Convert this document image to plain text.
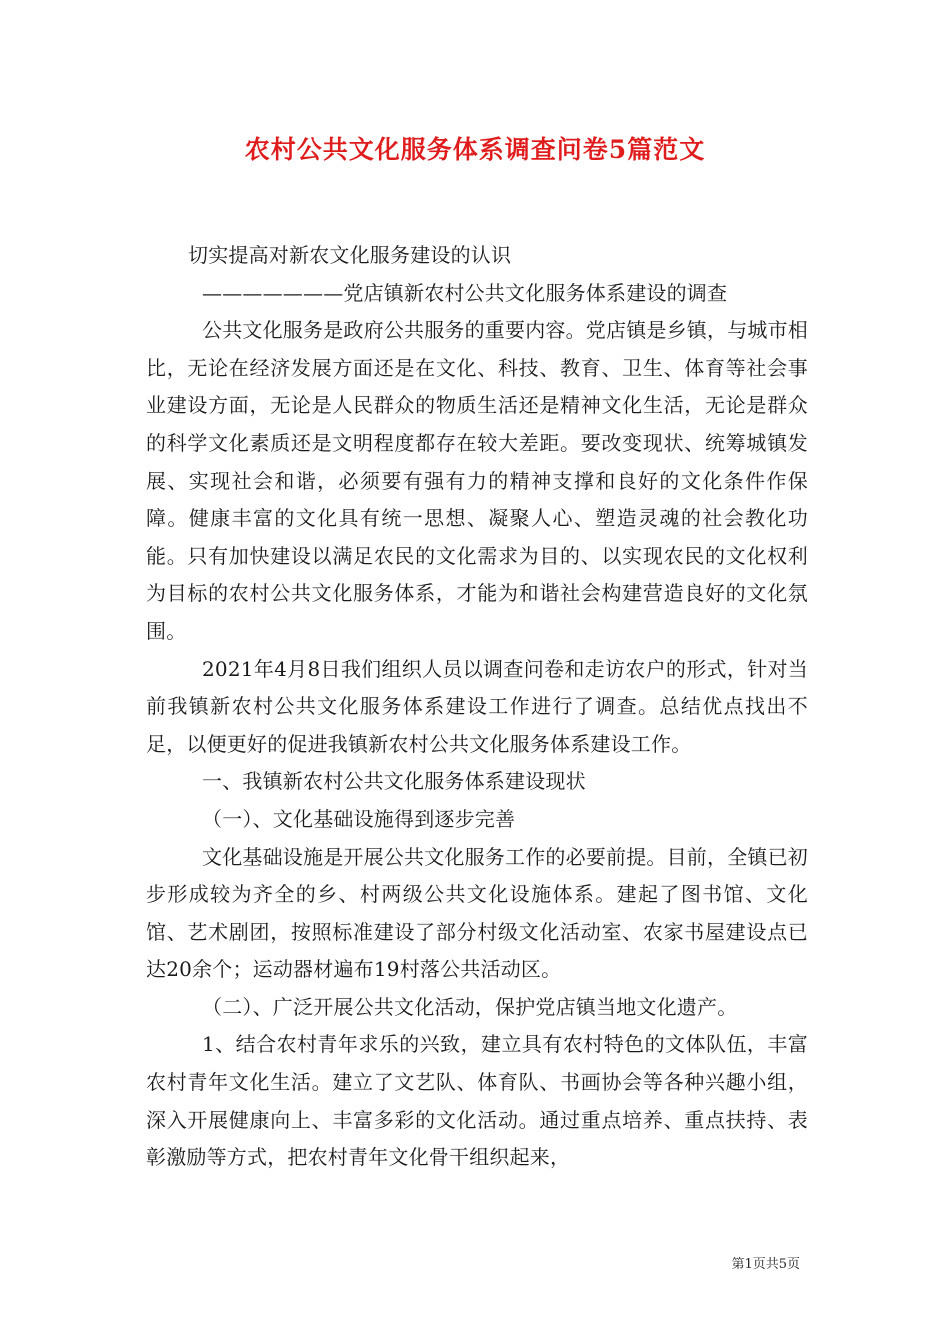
农村公共文化服务体系调查问卷5篇范文

切实提高对新农文化服务建设的认识

———————党店镇新农村公共文化服务体系建设的调查

公共文化服务是政府公共服务的重要内容。党店镇是乡镇，与城市相比，无论在经济发展方面还是在文化、科技、教育、卫生、体育等社会事业建设方面，无论是人民群众的物质生活还是精神文化生活，无论是群众的科学文化素质还是文明程度都存在较大差距。要改变现状、统筹城镇发展、实现社会和谐，必须要有强有力的精神支撑和良好的文化条件作保障。健康丰富的文化具有统一思想、凝聚人心、塑造灵魂的社会教化功能。只有加快建设以满足农民的文化需求为目的、以实现农民的文化权利为目标的农村公共文化服务体系，才能为和谐社会构建营造良好的文化氛围。

2021年4月8日我们组织人员以调查问卷和走访农户的形式，针对当前我镇新农村公共文化服务体系建设工作进行了调查。总结优点找出不足，以便更好的促进我镇新农村公共文化服务体系建设工作。

一、我镇新农村公共文化服务体系建设现状

（一）、文化基础设施得到逐步完善

文化基础设施是开展公共文化服务工作的必要前提。目前，全镇已初步形成较为齐全的乡、村两级公共文化设施体系。建起了图书馆、文化馆、艺术剧团，按照标准建设了部分村级文化活动室、农家书屋建设点已达20余个；运动器材遍布19村落公共活动区。

（二）、广泛开展公共文化活动，保护党店镇当地文化遗产。

1、结合农村青年求乐的兴致，建立具有农村特色的文体队伍，丰富农村青年文化生活。建立了文艺队、体育队、书画协会等各种兴趣小组，深入开展健康向上、丰富多彩的文化活动。通过重点培养、重点扶持、表彰激励等方式，把农村青年文化骨干组织起来，

第1页共5页
